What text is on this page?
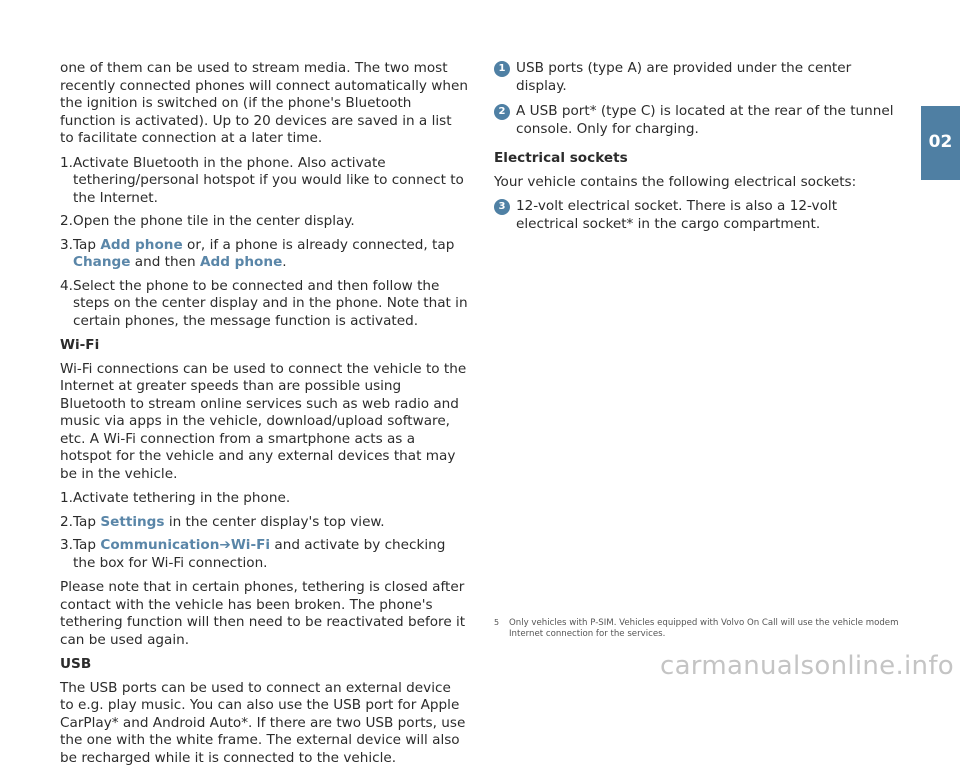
one of them can be used to stream media. The two most recently connected phones will connect automatically when the ignition is switched on (if the phone's Bluetooth function is activated). Up to 20 devices are saved in a list to facilitate connection at a later time.

1. Activate Bluetooth in the phone. Also activate tethering/personal hotspot if you would like to connect to the Internet.
2. Open the phone tile in the center display.
3. Tap Add phone or, if a phone is already connected, tap Change and then Add phone.
4. Select the phone to be connected and then follow the steps on the center display and in the phone. Note that in certain phones, the message function is activated.

Wi-Fi

Wi-Fi connections can be used to connect the vehicle to the Internet at greater speeds than are possible using Bluetooth to stream online services such as web radio and music via apps in the vehicle, download/upload software, etc. A Wi-Fi connection from a smartphone acts as a hotspot for the vehicle and any external devices that may be in the vehicle.

1. Activate tethering in the phone.
2. Tap Settings in the center display's top view.
3. Tap Communication➔Wi-Fi and activate by checking the box for Wi-Fi connection.

Please note that in certain phones, tethering is closed after contact with the vehicle has been broken. The phone's tethering function will then need to be reactivated before it can be used again.

USB

The USB ports can be used to connect an external device to e.g. play music. You can also use the USB port for Apple CarPlay* and Android Auto*. If there are two USB ports, use the one with the white frame. The external device will also be recharged while it is connected to the vehicle.

1 USB ports (type A) are provided under the center display.
2 A USB port* (type C) is located at the rear of the tunnel console. Only for charging.

Electrical sockets

Your vehicle contains the following electrical sockets:

3 12-volt electrical socket. There is also a 12-volt electrical socket* in the cargo compartment.
5	Only vehicles with P-SIM. Vehicles equipped with Volvo On Call will use the vehicle modem Internet connection for the services.
02
carmanualsonline.info
